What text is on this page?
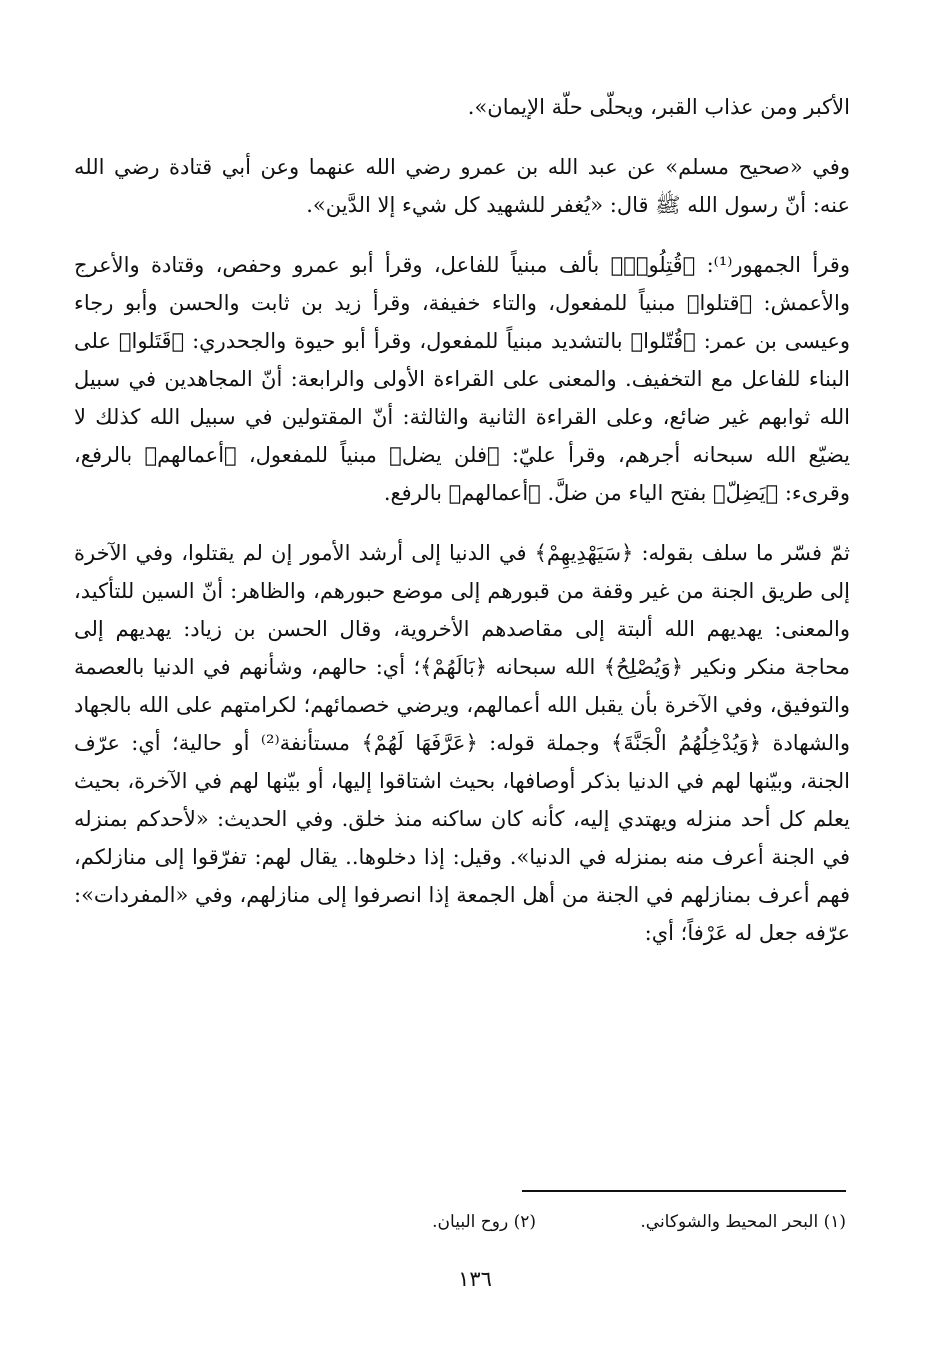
الأكبر ومن عذاب القبر، ويحلّى حلّة الإيمان».

وفي «صحيح مسلم» عن عبد الله بن عمرو رضي الله عنهما وعن أبي قتادة رضي الله عنه: أنّ رسول الله ﷺ قال: «يُغفر للشهيد كل شيء إلا الدَّين».

وقرأ الجمهور⁽¹⁾: ﴿قُتِلُوا۟﴾ بألف مبنياً للفاعل، وقرأ أبو عمرو وحفص، وقتادة والأعرج والأعمش: ﴿قتلوا﴾ مبنياً للمفعول، والتاء خفيفة، وقرأ زيد بن ثابت والحسن وأبو رجاء وعيسى بن عمر: ﴿قُتّلوا﴾ بالتشديد مبنياً للمفعول، وقرأ أبو حيوة والجحدري: ﴿قَتَلوا﴾ على البناء للفاعل مع التخفيف. والمعنى على القراءة الأولى والرابعة: أنّ المجاهدين في سبيل الله ثوابهم غير ضائع، وعلى القراءة الثانية والثالثة: أنّ المقتولين في سبيل الله كذلك لا يضيّع الله سبحانه أجرهم، وقرأ عليّ: ﴿فلن يضل﴾ مبنياً للمفعول، ﴿أعمالهم﴾ بالرفع، وقرىء: ﴿يَضِلّ﴾ بفتح الياء من ضلَّ. ﴿أعمالهم﴾ بالرفع.

ثمّ فسّر ما سلف بقوله: ﴿سَيَهْدِيهِمْ﴾ في الدنيا إلى أرشد الأمور إن لم يقتلوا، وفي الآخرة إلى طريق الجنة من غير وقفة من قبورهم إلى موضع حبورهم، والظاهر: أنّ السين للتأكيد، والمعنى: يهديهم الله ألبتة إلى مقاصدهم الأخروية، وقال الحسن بن زياد: يهديهم إلى محاجة منكر ونكير ﴿وَيُصْلِحُ﴾ الله سبحانه ﴿بَالَهُمْ﴾؛ أي: حالهم، وشأنهم في الدنيا بالعصمة والتوفيق، وفي الآخرة بأن يقبل الله أعمالهم، ويرضي خصمائهم؛ لكرامتهم على الله بالجهاد والشهادة ﴿وَيُدْخِلُهُمُ الْجَنَّةَ﴾ وجملة قوله: ﴿عَرَّفَهَا لَهُمْ﴾ مستأنفة⁽²⁾ أو حالية؛ أي: عرّف الجنة، وبيّنها لهم في الدنيا بذكر أوصافها، بحيث اشتاقوا إليها، أو بيّنها لهم في الآخرة، بحيث يعلم كل أحد منزله ويهتدي إليه، كأنه كان ساكنه منذ خلق. وفي الحديث: «لأحدكم بمنزله في الجنة أعرف منه بمنزله في الدنيا». وقيل: إذا دخلوها.. يقال لهم: تفرّقوا إلى منازلكم، فهم أعرف بمنازلهم في الجنة من أهل الجمعة إذا انصرفوا إلى منازلهم، وفي «المفردات»: عرّفه جعل له عَرْفاً؛ أي:

(١) البحر المحيط والشوكاني.
(٢) روح البيان.
١٣٦
